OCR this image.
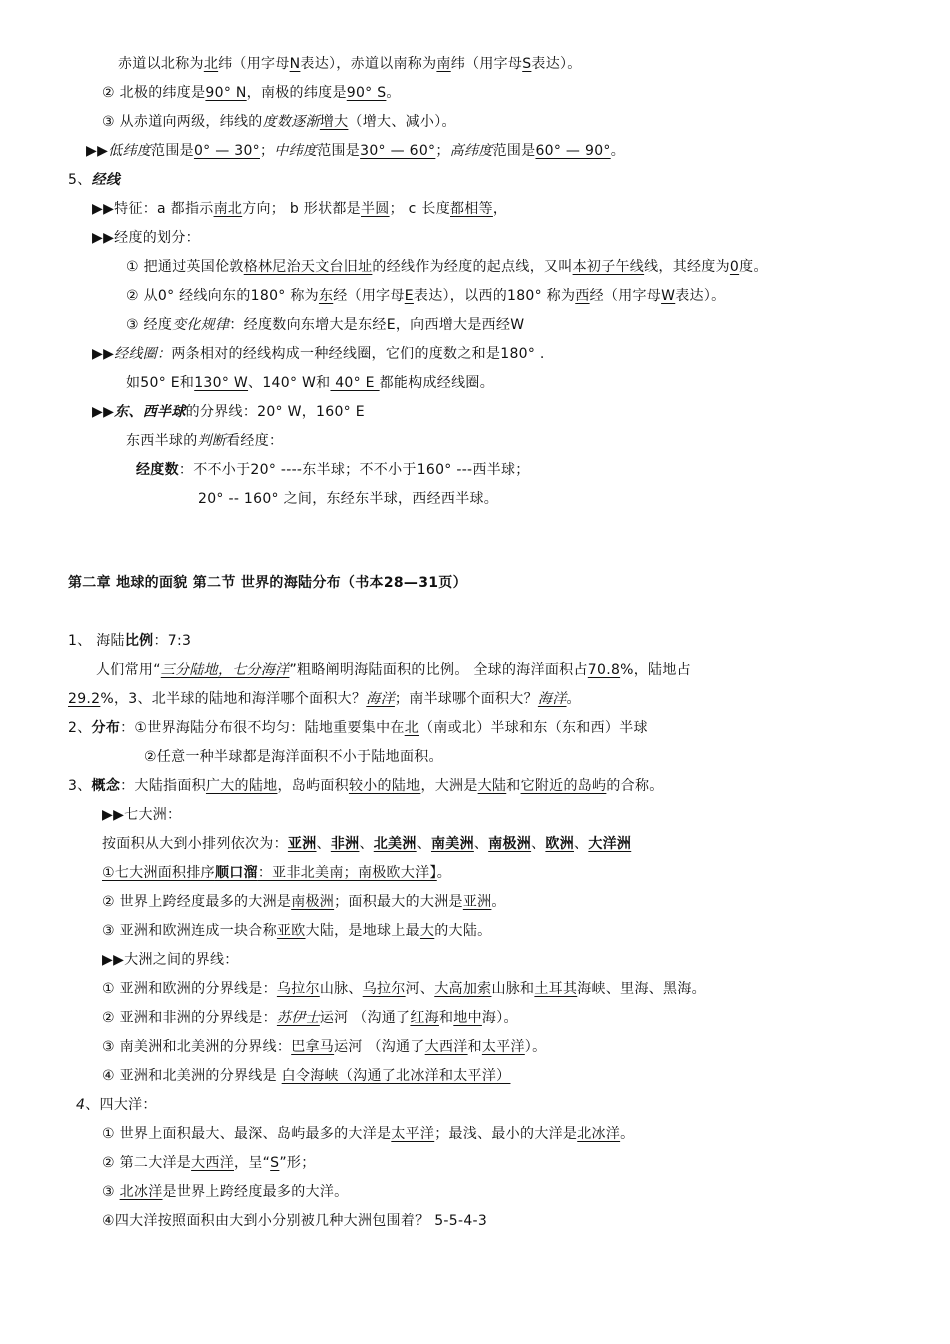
赤道以北称为北纬（用字母N表达），赤道以南称为南纬（用字母S表达）。
② 北极的纬度是90° N，南极的纬度是90° S。
③ 从赤道向两级，纬线的度数逐渐增大（增大、减小）。
▶▶低纬度范围是0° — 30°；中纬度范围是30° — 60°；高纬度范围是60° — 90°。
5、经线
▶▶特征：a 都指示南北方向； b 形状都是半圆； c 长度都相等，
▶▶经度的划分：
① 把通过英国伦敦格林尼治天文台旧址的经线作为经度的起点线，又叫本初子午线线，其经度为0度。
② 从0° 经线向东的180° 称为东经（用字母E表达），以西的180° 称为西经（用字母W表达）。
③ 经度变化规律：经度数向东增大是东经E，向西增大是西经W
▶▶经线圈：两条相对的经线构成一种经线圈，它们的度数之和是180° .
如50° E和130° W、140° W和 40° E 都能构成经线圈。
▶▶东、西半球的分界线：20° W，160° E
东西半球的判断看经度：
经度数：不不小于20° ----东半球；不不小于160° ---西半球；
20° -- 160° 之间，东经东半球，西经西半球。
第二章 地球的面貌 第二节 世界的海陆分布（书本28—31页）
1、 海陆比例：7:3
人们常用“三分陆地，七分海洋”粗略阐明海陆面积的比例。 全球的海洋面积占70.8%，陆地占
29.2%，3、北半球的陆地和海洋哪个面积大？海洋；南半球哪个面积大？海洋。
2、分布：①世界海陆分布很不均匀：陆地重要集中在北（南或北）半球和东（东和西）半球
②任意一种半球都是海洋面积不小于陆地面积。
3、概念：大陆指面积广大的陆地，岛屿面积较小的陆地，大洲是大陆和它附近的岛屿的合称。
▶▶七大洲：
按面积从大到小排列依次为：亚洲、非洲、北美洲、南美洲、南极洲、欧洲、大洋洲
①七大洲面积排序顺口溜：亚非北美南；南极欧大洋】。
② 世界上跨经度最多的大洲是南极洲；面积最大的大洲是亚洲。
③ 亚洲和欧洲连成一块合称亚欧大陆，是地球上最大的大陆。
▶▶大洲之间的界线：
① 亚洲和欧洲的分界线是：乌拉尔山脉、乌拉尔河、大高加索山脉和土耳其海峡、里海、黑海。
② 亚洲和非洲的分界线是：苏伊士运河 （沟通了红海和地中海）。
③ 南美洲和北美洲的分界线：巴拿马运河 （沟通了大西洋和太平洋）。
④ 亚洲和北美洲的分界线是 白令海峡（沟通了北冰洋和太平洋）
4、四大洋：
① 世界上面积最大、最深、岛屿最多的大洋是太平洋；最浅、最小的大洋是北冰洋。
② 第二大洋是大西洋，呈“S”形；
③ 北冰洋是世界上跨经度最多的大洋。
④四大洋按照面积由大到小分别被几种大洲包围着？ 5-5-4-3
